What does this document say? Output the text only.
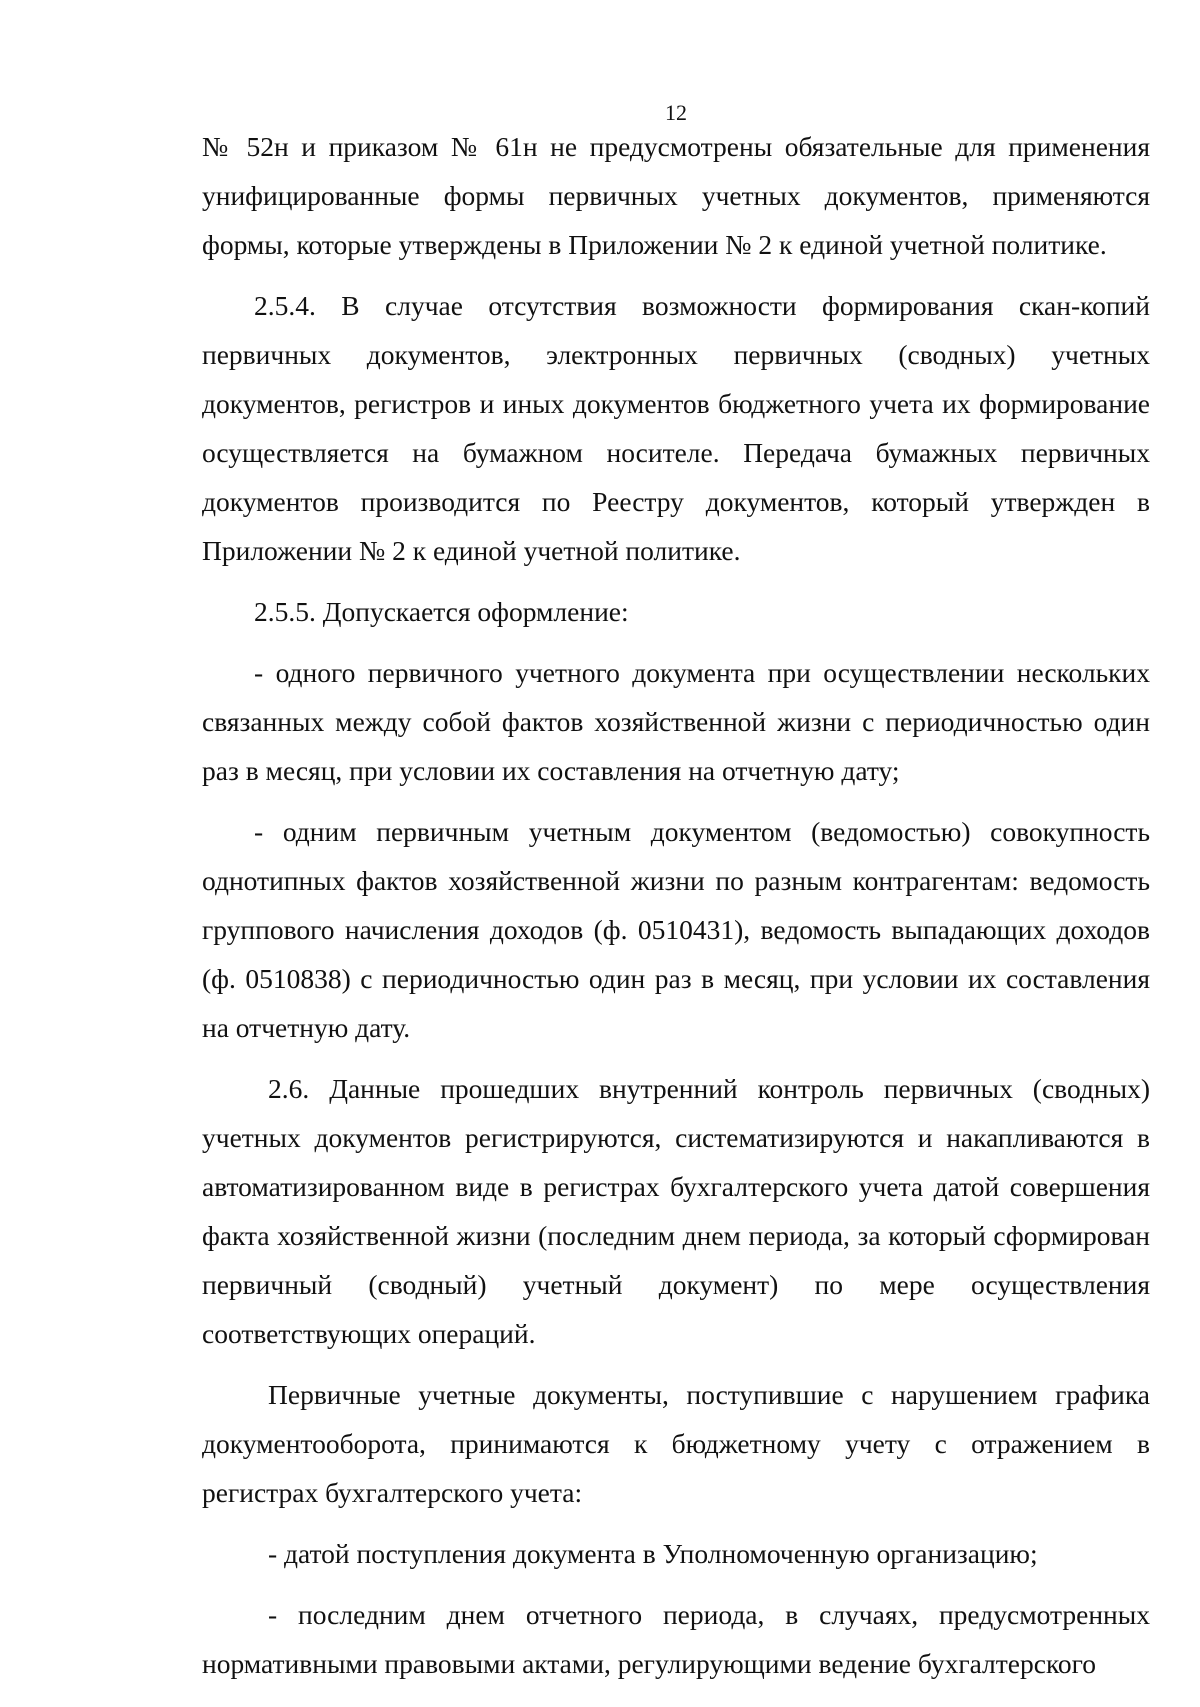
12

№ 52н и приказом № 61н не предусмотрены обязательные для применения унифицированные формы первичных учетных документов, применяются формы, которые утверждены в Приложении № 2 к единой учетной политике.

2.5.4. В случае отсутствия возможности формирования скан-копий первичных документов, электронных первичных (сводных) учетных документов, регистров и иных документов бюджетного учета их формирование осуществляется на бумажном носителе. Передача бумажных первичных документов производится по Реестру документов, который утвержден в Приложении № 2 к единой учетной политике.

2.5.5. Допускается оформление:

- одного первичного учетного документа при осуществлении нескольких связанных между собой фактов хозяйственной жизни с периодичностью один раз в месяц, при условии их составления на отчетную дату;

- одним первичным учетным документом (ведомостью) совокупность однотипных фактов хозяйственной жизни по разным контрагентам: ведомость группового начисления доходов (ф. 0510431), ведомость выпадающих доходов (ф. 0510838) с периодичностью один раз в месяц, при условии их составления на отчетную дату.

2.6. Данные прошедших внутренний контроль первичных (сводных) учетных документов регистрируются, систематизируются и накапливаются в автоматизированном виде в регистрах бухгалтерского учета датой совершения факта хозяйственной жизни (последним днем периода, за который сформирован первичный (сводный) учетный документ) по мере осуществления соответствующих операций.

Первичные учетные документы, поступившие с нарушением графика документооборота, принимаются к бюджетному учету с отражением в регистрах бухгалтерского учета:

- датой поступления документа в Уполномоченную организацию;

- последним днем отчетного периода, в случаях, предусмотренных нормативными правовыми актами, регулирующими ведение бухгалтерского
